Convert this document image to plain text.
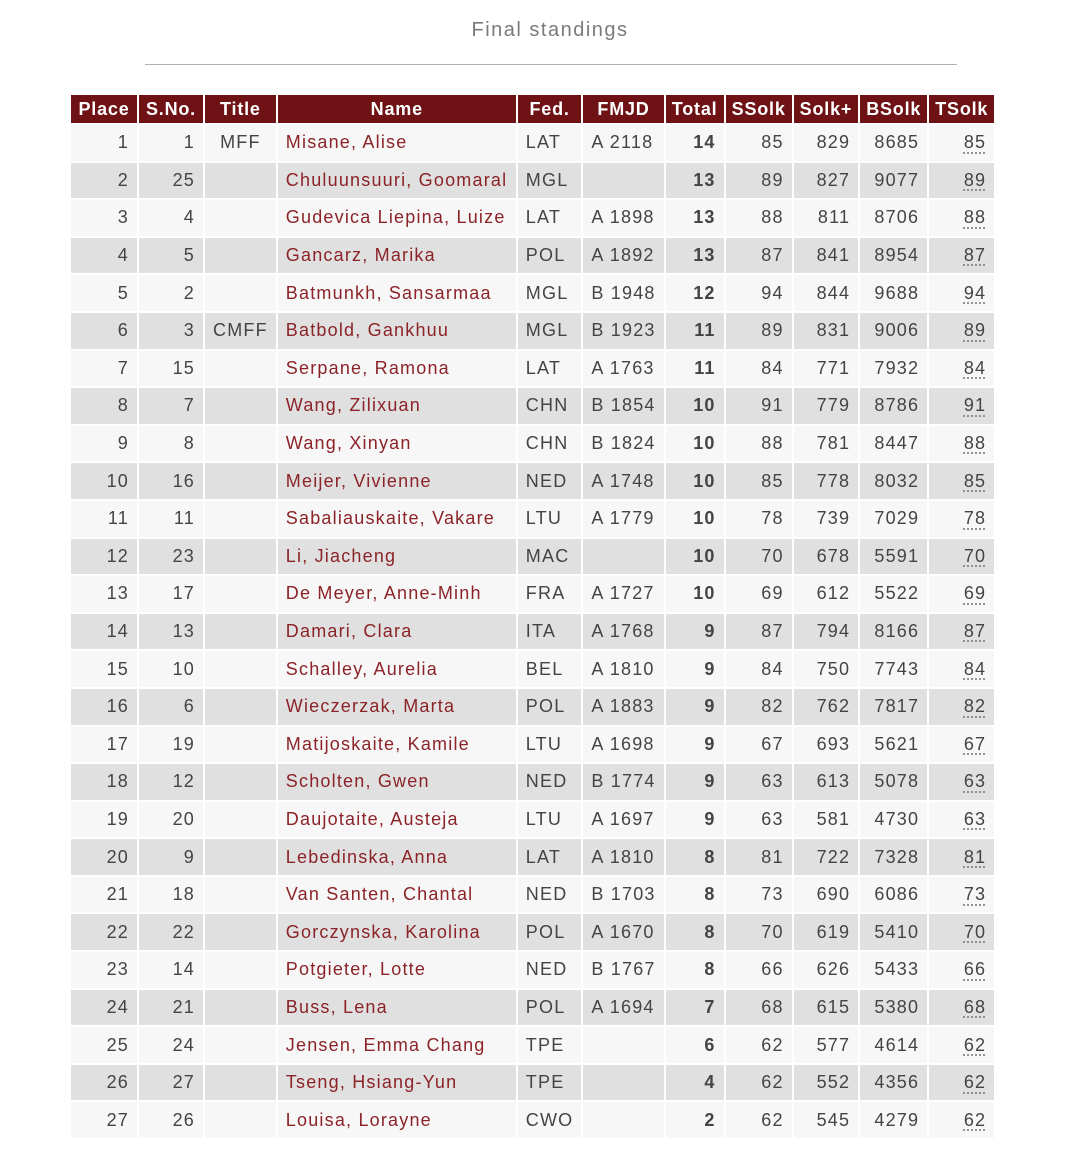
Final standings
Place	S.No.	Title	Name	Fed.	FMJD	Total	SSolk	Solk+	BSolk	TSolk
1	1	MFF	Misane, Alise	LAT	A 2118	14	85	829	8685	85
2	25		Chuluunsuuri, Goomaral	MGL		13	89	827	9077	89
3	4		Gudevica Liepina, Luize	LAT	A 1898	13	88	811	8706	88
4	5		Gancarz, Marika	POL	A 1892	13	87	841	8954	87
5	2		Batmunkh, Sansarmaa	MGL	B 1948	12	94	844	9688	94
6	3	CMFF	Batbold, Gankhuu	MGL	B 1923	11	89	831	9006	89
7	15		Serpane, Ramona	LAT	A 1763	11	84	771	7932	84
8	7		Wang, Zilixuan	CHN	B 1854	10	91	779	8786	91
9	8		Wang, Xinyan	CHN	B 1824	10	88	781	8447	88
10	16		Meijer, Vivienne	NED	A 1748	10	85	778	8032	85
11	11		Sabaliauskaite, Vakare	LTU	A 1779	10	78	739	7029	78
12	23		Li, Jiacheng	MAC		10	70	678	5591	70
13	17		De Meyer, Anne-Minh	FRA	A 1727	10	69	612	5522	69
14	13		Damari, Clara	ITA	A 1768	9	87	794	8166	87
15	10		Schalley, Aurelia	BEL	A 1810	9	84	750	7743	84
16	6		Wieczerzak, Marta	POL	A 1883	9	82	762	7817	82
17	19		Matijoskaite, Kamile	LTU	A 1698	9	67	693	5621	67
18	12		Scholten, Gwen	NED	B 1774	9	63	613	5078	63
19	20		Daujotaite, Austeja	LTU	A 1697	9	63	581	4730	63
20	9		Lebedinska, Anna	LAT	A 1810	8	81	722	7328	81
21	18		Van Santen, Chantal	NED	B 1703	8	73	690	6086	73
22	22		Gorczynska, Karolina	POL	A 1670	8	70	619	5410	70
23	14		Potgieter, Lotte	NED	B 1767	8	66	626	5433	66
24	21		Buss, Lena	POL	A 1694	7	68	615	5380	68
25	24		Jensen, Emma Chang	TPE		6	62	577	4614	62
26	27		Tseng, Hsiang-Yun	TPE		4	62	552	4356	62
27	26		Louisa, Lorayne	CWO		2	62	545	4279	62
